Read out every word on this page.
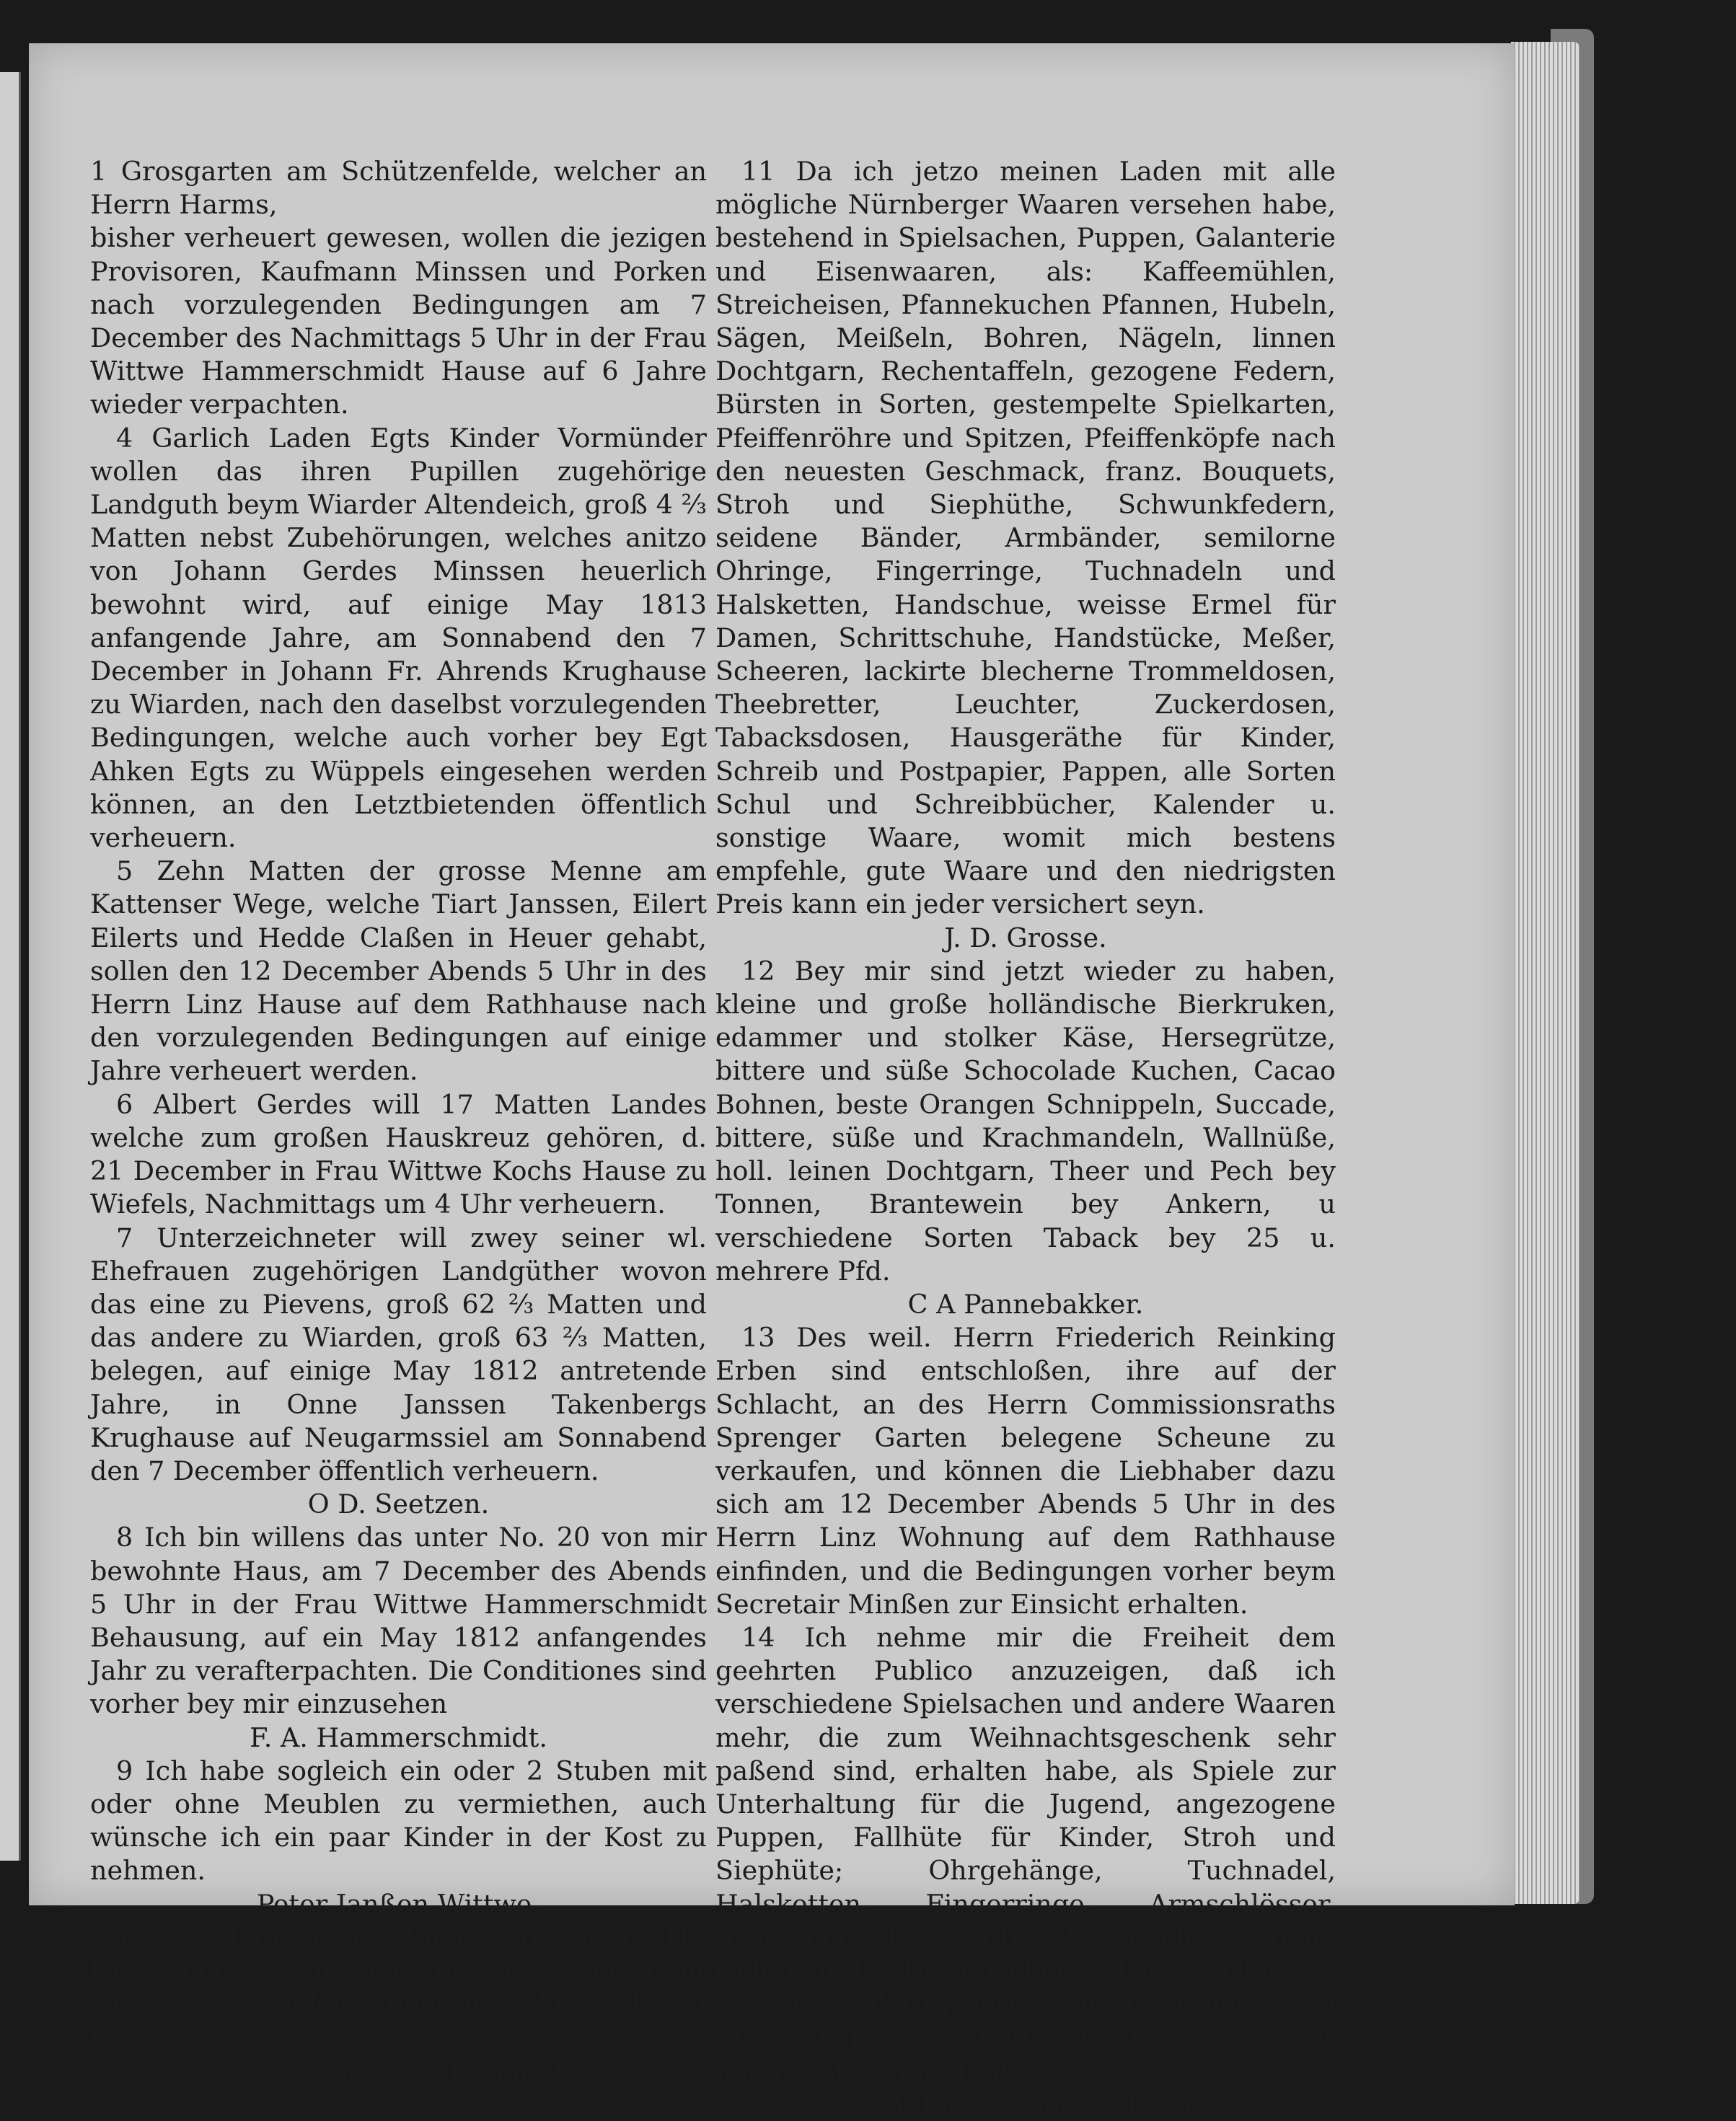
1 Grosgarten am Schützenfelde, welcher an Herrn Harms,
bisher verheuert gewesen, wollen die jezigen Provisoren, Kaufmann Minssen und Porken nach vorzulegenden Bedingungen am 7 December des Nachmittags 5 Uhr in der Frau Wittwe Hammerschmidt Hause auf 6 Jahre wieder verpachten.

4 Garlich Laden Egts Kinder Vormünder wollen das ihren Pupillen zugehörige Landguth beym Wiarder Altendeich, groß 4 ⅔ Matten nebst Zubehörungen, welches anitzo von Johann Gerdes Minssen heuerlich bewohnt wird, auf einige May 1813 anfangende Jahre, am Sonnabend den 7 December in Johann Fr. Ahrends Krughause zu Wiarden, nach den daselbst vorzulegenden Bedingungen, welche auch vorher bey Egt Ahken Egts zu Wüppels eingesehen werden können, an den Letztbietenden öffentlich verheuern.

5 Zehn Matten der grosse Menne am Kattenser Wege, welche Tiart Janssen, Eilert Eilerts und Hedde Claßen in Heuer gehabt, sollen den 12 December Abends 5 Uhr in des Herrn Linz Hause auf dem Rathhause nach den vorzulegenden Bedingungen auf einige Jahre verheuert werden.

6 Albert Gerdes will 17 Matten Landes welche zum großen Hauskreuz gehören, d. 21 December in Frau Wittwe Kochs Hause zu Wiefels, Nachmittags um 4 Uhr verheuern.

7 Unterzeichneter will zwey seiner wl. Ehefrauen zugehörigen Landgüther wovon das eine zu Pievens, groß 62 ⅔ Matten und das andere zu Wiarden, groß 63 ⅔ Matten, belegen, auf einige May 1812 antretende Jahre, in Onne Janssen Takenbergs Krughause auf Neugarmssiel am Sonnabend den 7 December öffentlich verheuern.

O D. Seetzen.

8 Ich bin willens das unter No. 20 von mir bewohnte Haus, am 7 December des Abends 5 Uhr in der Frau Wittwe Hammerschmidt Behausung, auf ein May 1812 anfangendes Jahr zu verafterpachten. Die Conditiones sind vorher bey mir einzusehen

F. A. Hammerschmidt.

9 Ich habe sogleich ein oder 2 Stuben mit oder ohne Meublen zu vermiethen, auch wünsche ich ein paar Kinder in der Kost zu nehmen.

Peter Janßen Wittwe.

10 Ich habe einen Kitzen so von d. Hr. Uhrmacher Schreiber bis jetzt bewohnt worden ist, sogleich oder um May 1812 zu vermiethen.

Jever. Zack, Goldschmidt

11 Da ich jetzo meinen Laden mit alle mögliche Nürnberger Waaren versehen habe, bestehend in Spielsachen, Puppen, Galanterie und Eisenwaaren, als: Kaffeemühlen, Streicheisen, Pfannekuchen Pfannen, Hubeln, Sägen, Meißeln, Bohren, Nägeln, linnen Dochtgarn, Rechentaffeln, gezogene Federn, Bürsten in Sorten, gestempelte Spielkarten, Pfeiffenröhre und Spitzen, Pfeiffenköpfe nach den neuesten Geschmack, franz. Bouquets, Stroh und Siephüthe, Schwunkfedern, seidene Bänder, Armbänder, semilorne Ohringe, Fingerringe, Tuchnadeln und Halsketten, Handschue, weisse Ermel für Damen, Schrittschuhe, Handstücke, Meßer, Scheeren, lackirte blecherne Trommeldosen, Theebretter, Leuchter, Zuckerdosen, Tabacksdosen, Hausgeräthe für Kinder, Schreib und Postpapier, Pappen, alle Sorten Schul und Schreibbücher, Kalender u. sonstige Waare, womit mich bestens empfehle, gute Waare und den niedrigsten Preis kann ein jeder versichert seyn.

J. D. Grosse.

12 Bey mir sind jetzt wieder zu haben, kleine und große holländische Bierkruken, edammer und stolker Käse, Hersegrütze, bittere und süße Schocolade Kuchen, Cacao Bohnen, beste Orangen Schnippeln, Succade, bittere, süße und Krachmandeln, Wallnüße, holl. leinen Dochtgarn, Theer und Pech bey Tonnen, Brantewein bey Ankern, u verschiedene Sorten Taback bey 25 u. mehrere Pfd.

C A Pannebakker.

13 Des weil. Herrn Friederich Reinking Erben sind entschloßen, ihre auf der Schlacht, an des Herrn Commissionsraths Sprenger Garten belegene Scheune zu verkaufen, und können die Liebhaber dazu sich am 12 December Abends 5 Uhr in des Herrn Linz Wohnung auf dem Rathhause einfinden, und die Bedingungen vorher beym Secretair Minßen zur Einsicht erhalten.

14 Ich nehme mir die Freiheit dem geehrten Publico anzuzeigen, daß ich verschiedene Spielsachen und andere Waaren mehr, die zum Weihnachtsgeschenk sehr paßend sind, erhalten habe, als Spiele zur Unterhaltung für die Jugend, angezogene Puppen, Fallhüte für Kinder, Stroh und Siephüte; Ohrgehänge, Tuchnadel, Halsketten, Fingerringe, Armschlösser, Armbänder, Petschaften, Uhrbänder, seidene Geldbeutel, Brieftaschen, Lack, Oblaten, Bleifeder, allerley porcellainerne u. hölzernen Pfeiffenköpfe, mit und ohne Röhren, womit mich bestens empfehle.

C. A. Flesner sen. in Jever.
